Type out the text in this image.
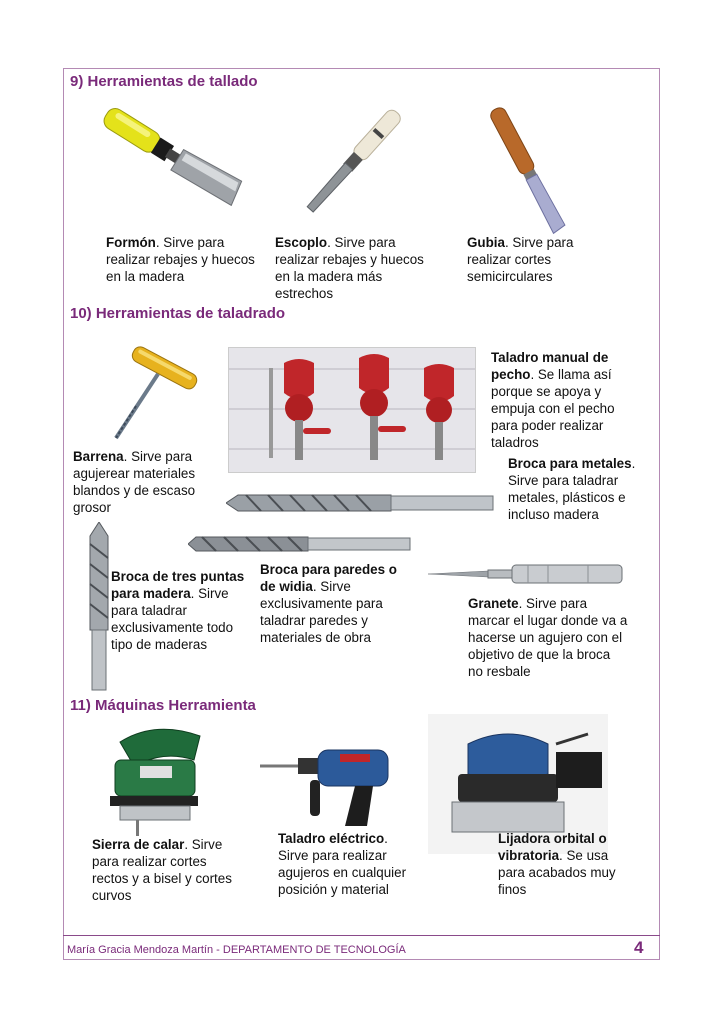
9) Herramientas de tallado
Formón. Sirve para realizar rebajes y huecos en la madera
Escoplo. Sirve para realizar rebajes y huecos en la madera más estrechos
Gubia. Sirve para realizar cortes semicirculares
10) Herramientas de taladrado
Taladro manual de pecho. Se llama así porque se apoya y empuja con el pecho para poder realizar taladros
Barrena. Sirve para agujerear materiales blandos y de escaso grosor
Broca para metales. Sirve para taladrar metales, plásticos e incluso madera
Broca de tres puntas para madera. Sirve para taladrar exclusivamente todo tipo de maderas
Broca para paredes o de widia. Sirve exclusivamente para taladrar paredes y materiales de obra
Granete. Sirve para marcar el lugar donde va a hacerse un agujero con el objetivo de que la broca no resbale
11) Máquinas Herramienta
Sierra de calar. Sirve para realizar cortes rectos y a bisel y cortes curvos
Taladro eléctrico. Sirve para realizar agujeros en cualquier posición y material
Lijadora orbital o vibratoria. Se usa para acabados muy finos
María Gracia Mendoza Martín - DEPARTAMENTO DE TECNOLOGÍA	4
